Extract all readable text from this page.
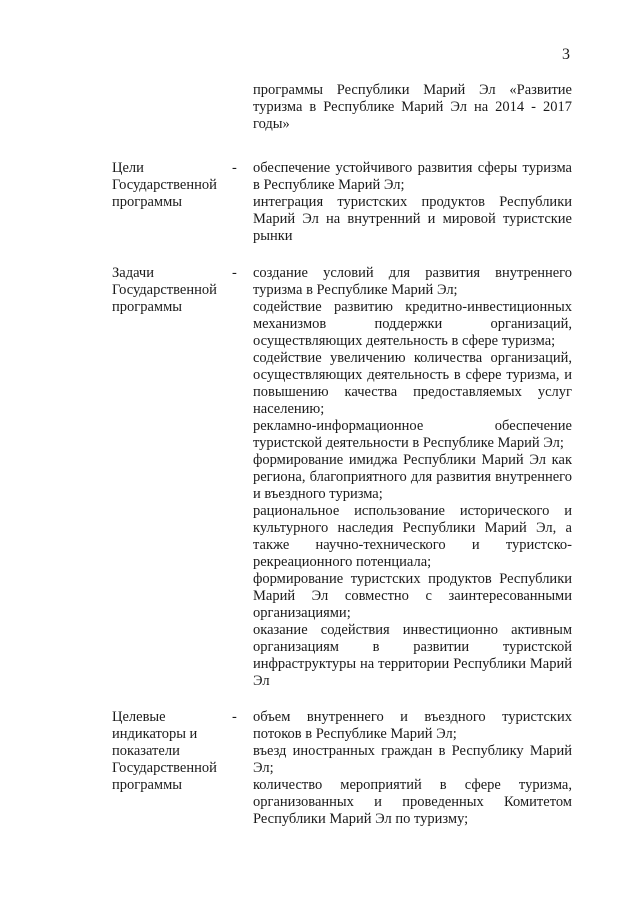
3
программы Республики Марий Эл «Развитие туризма в Республике Марий Эл на 2014 - 2017 годы»
Цели Государственной программы
- обеспечение устойчивого развития сферы туризма в Республике Марий Эл;
интеграция туристских продуктов Республики Марий Эл на внутренний и мировой туристские рынки
Задачи Государственной программы
- создание условий для развития внутреннего туризма в Республике Марий Эл;
содействие развитию кредитно-инвестиционных механизмов поддержки организаций, осуществляющих деятельность в сфере туризма;
содействие увеличению количества организаций, осуществляющих деятельность в сфере туризма, и повышению качества предоставляемых услуг населению;
рекламно-информационное обеспечение туристской деятельности в Республике Марий Эл;
формирование имиджа Республики Марий Эл как региона, благоприятного для развития внутреннего и въездного туризма;
рациональное использование исторического и культурного наследия Республики Марий Эл, а также научно-технического и туристско-рекреационного потенциала;
формирование туристских продуктов Республики Марий Эл совместно с заинтересованными организациями;
оказание содействия инвестиционно активным организациям в развитии туристской инфраструктуры на территории Республики Марий Эл
Целевые индикаторы и показатели Государственной программы
- объем внутреннего и въездного туристских потоков в Республике Марий Эл;
въезд иностранных граждан в Республику Марий Эл;
количество мероприятий в сфере туризма, организованных и проведенных Комитетом Республики Марий Эл по туризму;
